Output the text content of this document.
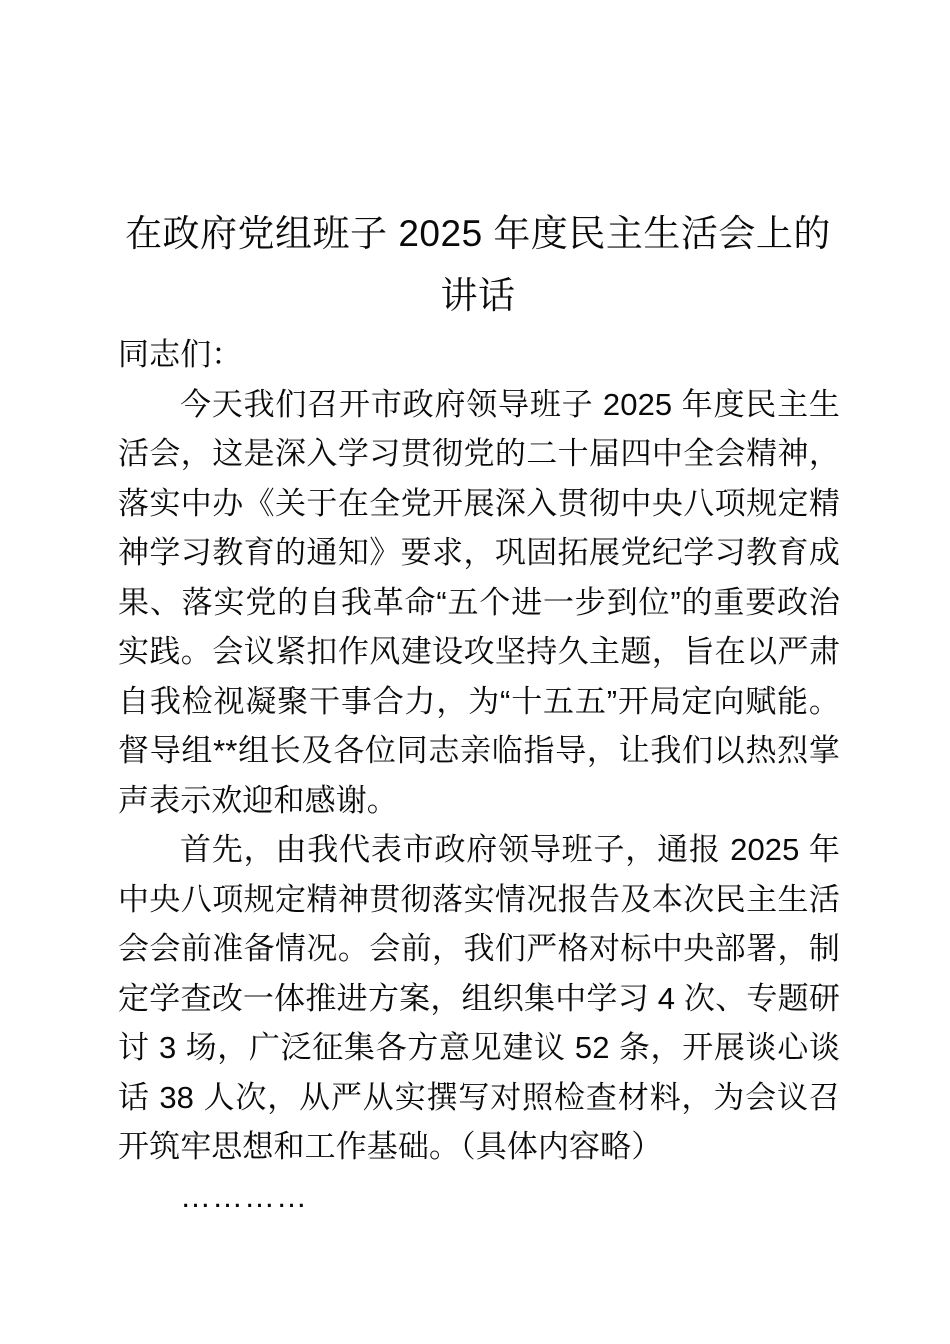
在政府党组班子 2025 年度民主生活会上的
讲话

同志们：

今天我们召开市政府领导班子 2025 年度民主生活会，这是深入学习贯彻党的二十届四中全会精神，落实中办《关于在全党开展深入贯彻中央八项规定精神学习教育的通知》要求，巩固拓展党纪学习教育成果、落实党的自我革命“五个进一步到位”的重要政治实践。会议紧扣作风建设攻坚持久主题，旨在以严肃自我检视凝聚干事合力，为“十五五”开局定向赋能。督导组**组长及各位同志亲临指导，让我们以热烈掌声表示欢迎和感谢。

首先，由我代表市政府领导班子，通报 2025 年中央八项规定精神贯彻落实情况报告及本次民主生活会会前准备情况。会前，我们严格对标中央部署，制定学查改一体推进方案，组织集中学习 4 次、专题研讨 3 场，广泛征集各方意见建议 52 条，开展谈心谈话 38 人次，从严从实撰写对照检查材料，为会议召开筑牢思想和工作基础。（具体内容略）

…………
